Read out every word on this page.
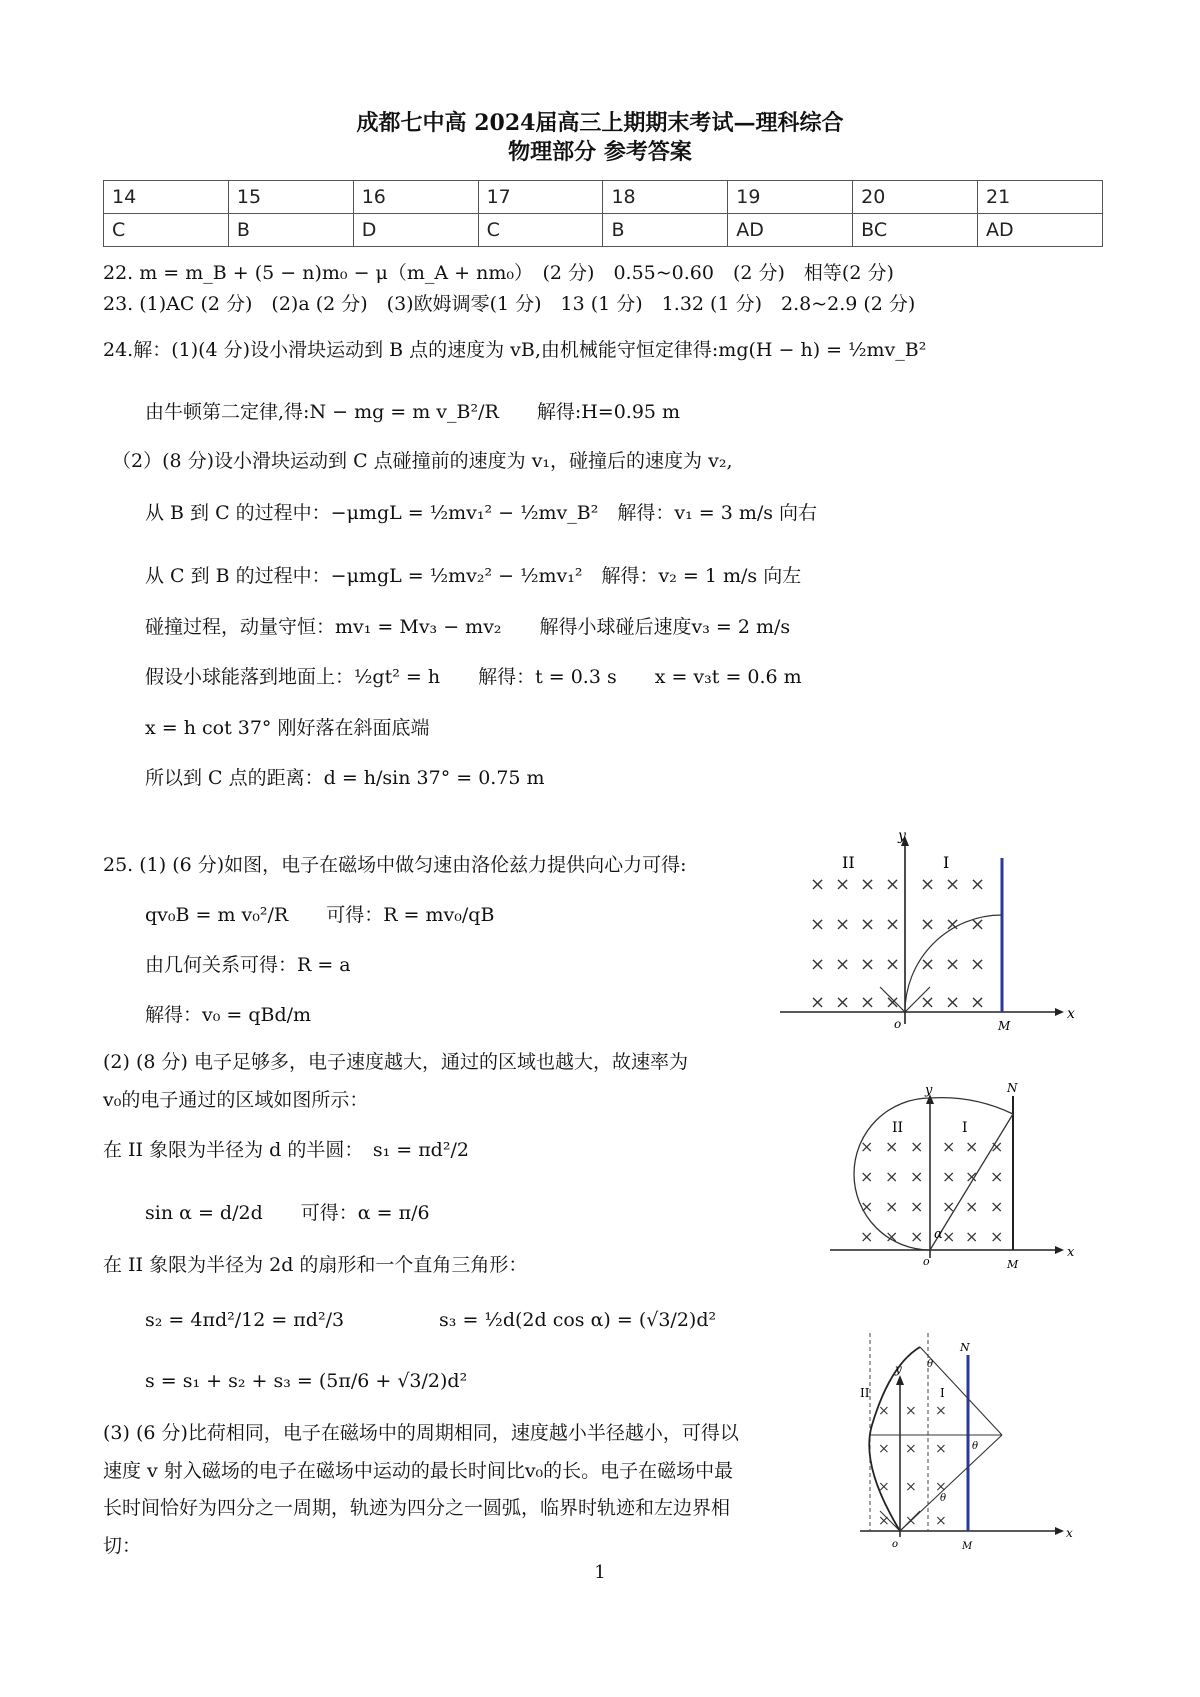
成都七中高 2024届高三上期期末考试—理科综合
物理部分 参考答案
14	15	16	17	18	19	20	21
C	B	D	C	B	AD	BC	AD
22. m = m_B + (5 − n)m₀ − μ（m_A + nm₀）　(2 分)　0.55~0.60　(2 分)　相等(2 分)
23. (1)AC (2 分)　(2)a (2 分)　(3)欧姆调零(1 分)　13 (1 分)　1.32 (1 分)　2.8~2.9 (2 分)
24.解：(1)(4 分)设小滑块运动到 B 点的速度为 vB,由机械能守恒定律得:mg(H − h) = ½mv_B²
由牛顿第二定律,得:N − mg = m v_B²/R　　解得:H=0.95 m
（2）(8 分)设小滑块运动到 C 点碰撞前的速度为 v₁，碰撞后的速度为 v₂,
从 B 到 C 的过程中：−μmgL = ½mv₁² − ½mv_B²　解得：v₁ = 3 m/s 向右
从 C 到 B 的过程中：−μmgL = ½mv₂² − ½mv₁²　解得：v₂ = 1 m/s 向左
碰撞过程，动量守恒：mv₁ = Mv₃ − mv₂　　解得小球碰后速度v₃ = 2 m/s
假设小球能落到地面上：½gt² = h　　解得：t = 0.3 s　　x = v₃t = 0.6 m
x = h cot 37° 刚好落在斜面底端
所以到 C 点的距离：d = h/sin 37° = 0.75 m
25. (1) (6 分)如图，电子在磁场中做匀速由洛伦兹力提供向心力可得:
qv₀B = m v₀²/R　　可得：R = mv₀/qB
由几何关系可得：R = a
解得：v₀ = qBd/m
(2) (8 分) 电子足够多，电子速度越大，通过的区域也越大，故速率为
v₀的电子通过的区域如图所示：
在 II 象限为半径为 d 的半圆：　s₁ = πd²/2
sin α = d/2d　　可得：α = π/6
在 II 象限为半径为 2d 的扇形和一个直角三角形：
s₂ = 4πd²/12 = πd²/3　　　　　s₃ = ½d(2d cos α) = (√3/2)d²
s = s₁ + s₂ + s₃ = (5π/6 + √3/2)d²
(3) (6 分)比荷相同，电子在磁场中的周期相同，速度越小半径越小，可得以
速度 v 射入磁场的电子在磁场中运动的最长时间比v₀的长。电子在磁场中最
长时间恰好为四分之一周期，轨迹为四分之一圆弧，临界时轨迹和左边界相
切：
× × × × × × ×
× × × × × × ×
× × × × × × ×
× × × × × × ×
II	I
x
y
o	M
× × × × × ×
× × × × × ×
× × × × × ×
× × × × × ×
II	I
α
x
y
o
N
M
× × ×
× × ×
× × ×
× × ×
II	I
θ
θ
θ
x
y
o
N
M
1
